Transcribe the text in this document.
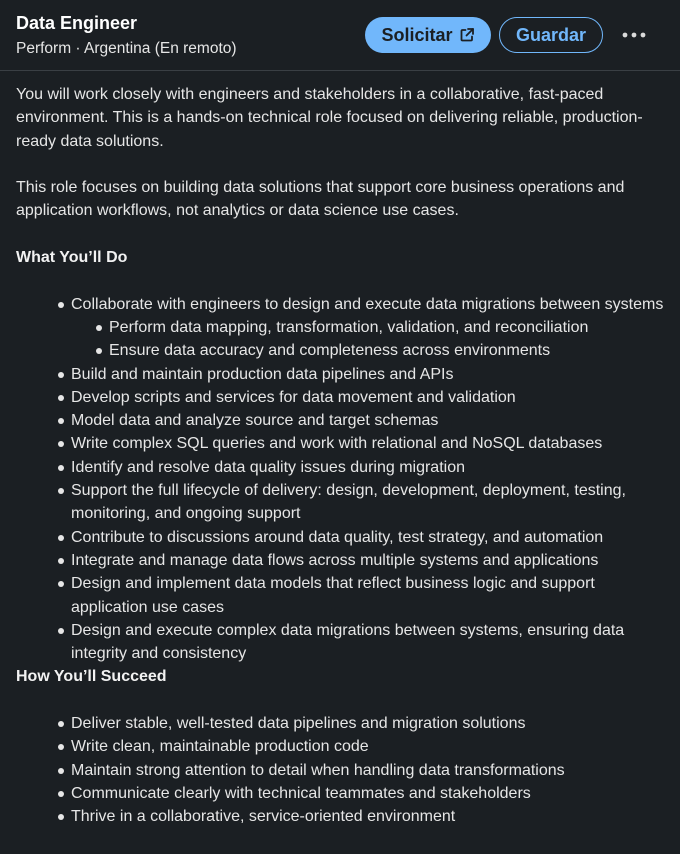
Data Engineer
Perform · Argentina (En remoto)
Solicitar	Guardar

You will work closely with engineers and stakeholders in a collaborative, fast-paced environment. This is a hands-on technical role focused on delivering reliable, production-ready data solutions.

This role focuses on building data solutions that support core business operations and application workflows, not analytics or data science use cases.

What You’ll Do
Collaborate with engineers to design and execute data migrations between systems
Perform data mapping, transformation, validation, and reconciliation
Ensure data accuracy and completeness across environments
Build and maintain production data pipelines and APIs
Develop scripts and services for data movement and validation
Model data and analyze source and target schemas
Write complex SQL queries and work with relational and NoSQL databases
Identify and resolve data quality issues during migration
Support the full lifecycle of delivery: design, development, deployment, testing, monitoring, and ongoing support
Contribute to discussions around data quality, test strategy, and automation
Integrate and manage data flows across multiple systems and applications
Design and implement data models that reflect business logic and support application use cases
Design and execute complex data migrations between systems, ensuring data integrity and consistency
How You’ll Succeed
Deliver stable, well-tested data pipelines and migration solutions
Write clean, maintainable production code
Maintain strong attention to detail when handling data transformations
Communicate clearly with technical teammates and stakeholders
Thrive in a collaborative, service-oriented environment
